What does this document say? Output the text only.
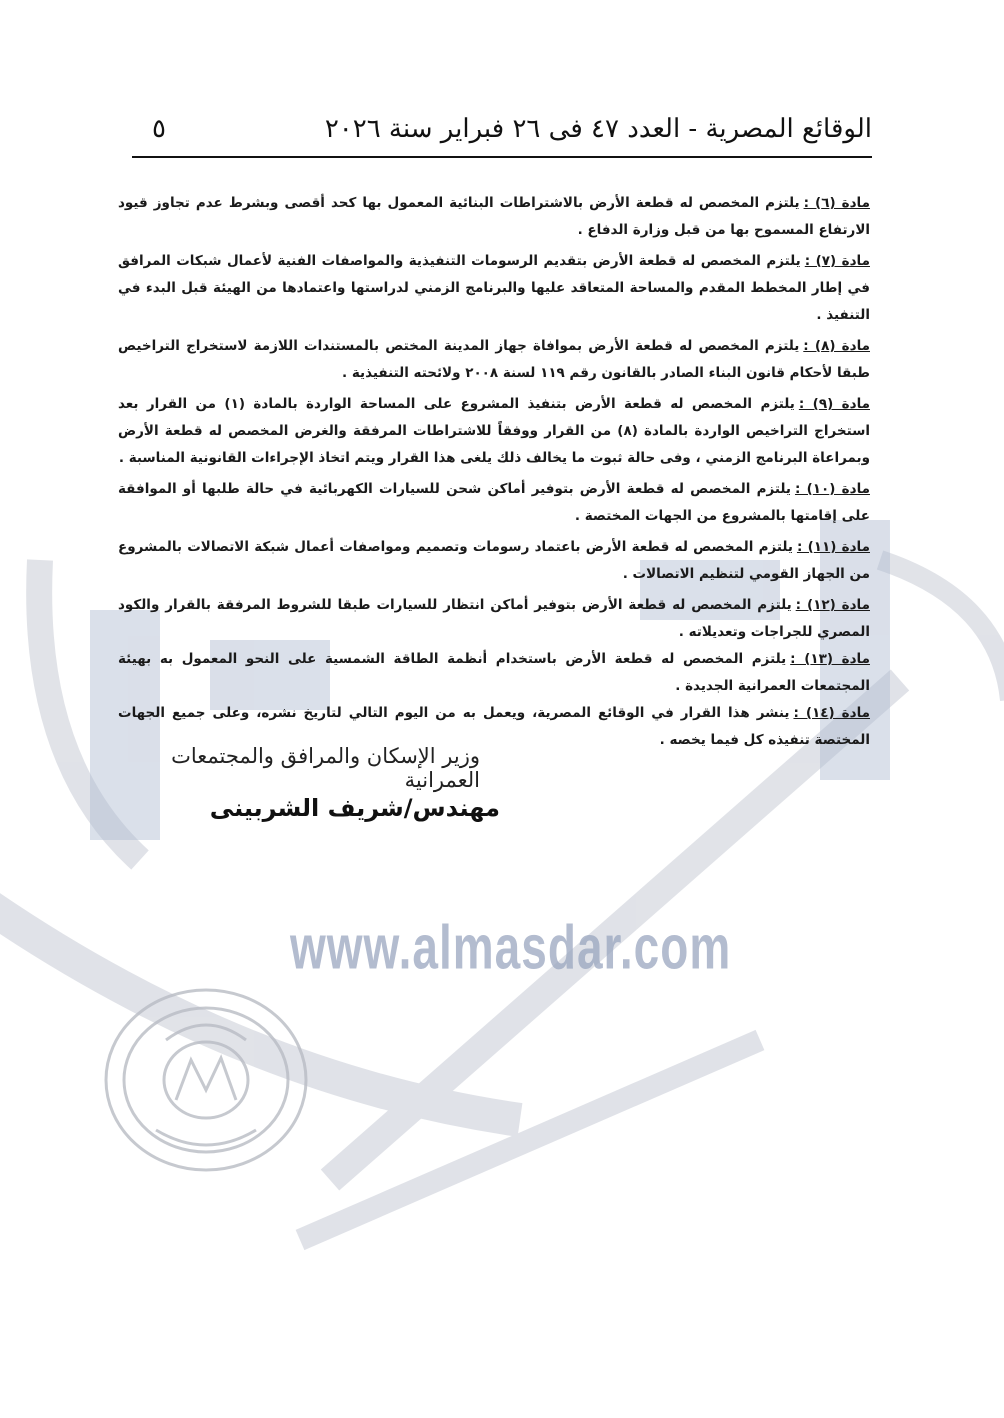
www.almasdar.com
الوقائع المصرية - العدد ٤٧ فى ٢٦ فبراير سنة ٢٠٢٦
٥

مادة (٦) :يلتزم المخصص له قطعة الأرض بالاشتراطات البنائية المعمول بها كحد أقصى وبشرط عدم تجاوز قيود الارتفاع المسموح بها من قبل وزارة الدفاع .

مادة (٧) :يلتزم المخصص له قطعة الأرض بتقديم الرسومات التنفيذية والمواصفات الفنية لأعمال شبكات المرافق في إطار المخطط المقدم والمساحة المتعاقد عليها والبرنامج الزمني لدراستها واعتمادها من الهيئة قبل البدء في التنفيذ .

مادة (٨) :يلتزم المخصص له قطعة الأرض بموافاة جهاز المدينة المختص بالمستندات اللازمة لاستخراج التراخيص طبقا لأحكام قانون البناء الصادر بالقانون رقم ١١٩ لسنة ٢٠٠٨ ولائحته التنفيذية .

مادة (٩) :يلتزم المخصص له قطعة الأرض بتنفيذ المشروع على المساحة الواردة بالمادة (١) من القرار بعد استخراج التراخيص الواردة بالمادة (٨) من القرار ووفقاً للاشتراطات المرفقة والغرض المخصص له قطعة الأرض وبمراعاة البرنامج الزمني ، وفى حالة ثبوت ما يخالف ذلك يلغى هذا القرار ويتم اتخاذ الإجراءات القانونية المناسبة .

مادة (١٠) :يلتزم المخصص له قطعة الأرض بتوفير أماكن شحن للسيارات الكهربائية في حالة طلبها أو الموافقة على إقامتها بالمشروع من الجهات المختصة .

مادة (١١) :يلتزم المخصص له قطعة الأرض باعتماد رسومات وتصميم ومواصفات أعمال شبكة الاتصالات بالمشروع من الجهاز القومي لتنظيم الاتصالات .

مادة (١٢) :يلتزم المخصص له قطعة الأرض بتوفير أماكن انتظار للسيارات طبقا للشروط المرفقة بالقرار والكود المصري للجراجات وتعديلاته .

مادة (١٣) :يلتزم المخصص له قطعة الأرض باستخدام أنظمة الطاقة الشمسية على النحو المعمول به بهيئة المجتمعات العمرانية الجديدة .

مادة (١٤) :ينشر هذا القرار في الوقائع المصرية، ويعمل به من اليوم التالي لتاريخ نشره، وعلى جميع الجهات المختصة تنفيذه كل فيما يخصه .

وزير الإسكان والمرافق والمجتمعات العمرانية
مهندس/شريف الشربينى
